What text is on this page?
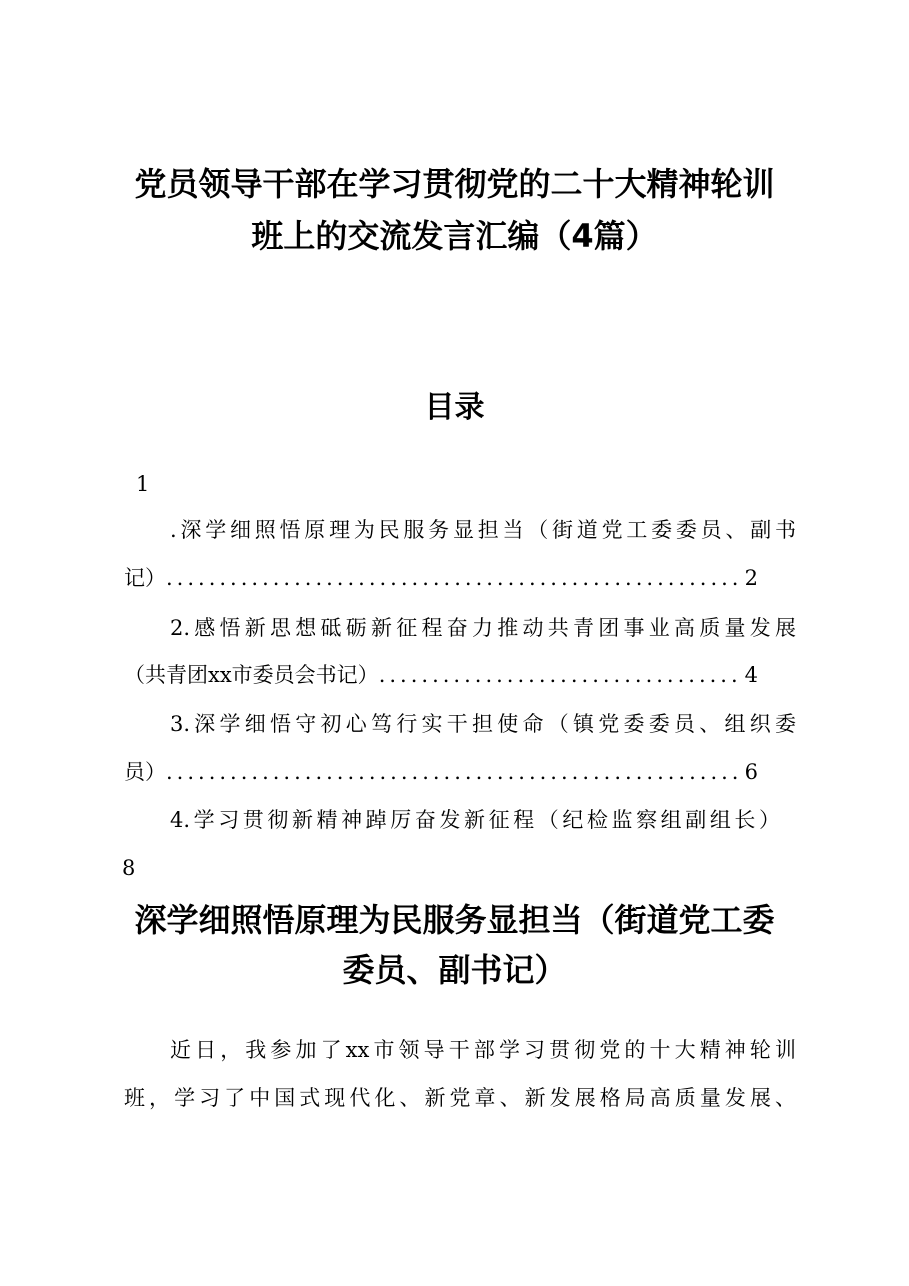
党员领导干部在学习贯彻党的二十大精神轮训
班上的交流发言汇编（4篇）
目录
1
.深学细照悟原理为民服务显担当（街道党工委委员、副书
记） .....	2
2.感悟新思想砥砺新征程奋力推动共青团事业高质量发展
（共青团xx市委员会书记） .....	4
3.深学细悟守初心笃行实干担使命（镇党委委员、组织委
员） .....	6
4.学习贯彻新精神踔厉奋发新征程（纪检监察组副组长）
8
深学细照悟原理为民服务显担当（街道党工委
委员、副书记）
近日，我参加了xx市领导干部学习贯彻党的十大精神轮训
班，学习了中国式现代化、新党章、新发展格局高质量发展、
